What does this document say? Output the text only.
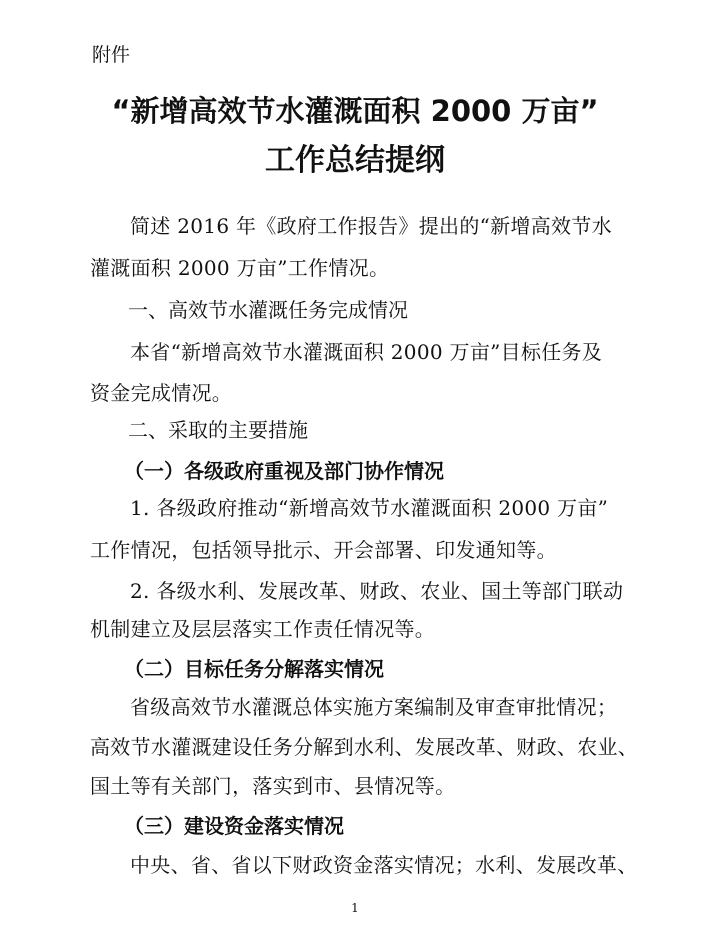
附件
“新增高效节水灌溉面积 2000 万亩”
工作总结提纲
简述 2016 年《政府工作报告》提出的“新增高效节水
灌溉面积 2000 万亩”工作情况。
一、高效节水灌溉任务完成情况
本省“新增高效节水灌溉面积 2000 万亩”目标任务及
资金完成情况。
二、采取的主要措施
（一）各级政府重视及部门协作情况
1. 各级政府推动“新增高效节水灌溉面积 2000 万亩”
工作情况，包括领导批示、开会部署、印发通知等。
2. 各级水利、发展改革、财政、农业、国土等部门联动
机制建立及层层落实工作责任情况等。
（二）目标任务分解落实情况
省级高效节水灌溉总体实施方案编制及审查审批情况；
高效节水灌溉建设任务分解到水利、发展改革、财政、农业、
国土等有关部门，落实到市、县情况等。
（三）建设资金落实情况
中央、省、省以下财政资金落实情况；水利、发展改革、
1
